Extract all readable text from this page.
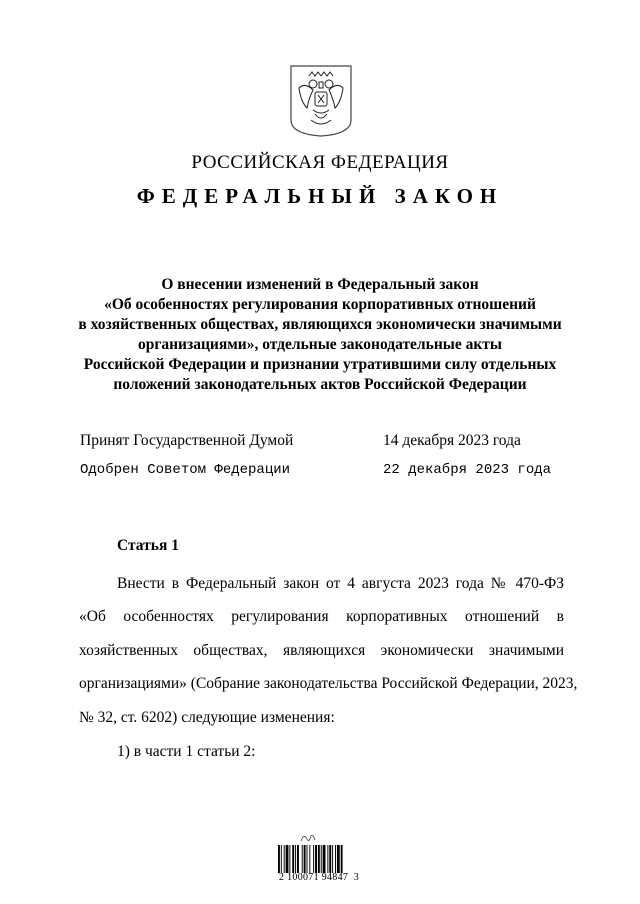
РОССИЙСКАЯ ФЕДЕРАЦИЯ
ФЕДЕРАЛЬНЫЙ ЗАКОН
О внесении изменений в Федеральный закон
«Об особенностях регулирования корпоративных отношений
в хозяйственных обществах, являющихся экономически значимыми
организациями», отдельные законодательные акты
Российской Федерации и признании утратившими силу отдельных
положений законодательных актов Российской Федерации
Принят Государственной Думой	14 декабря 2023 года
Одобрен Советом Федерации	22 декабря 2023 года
Статья 1
Внести в Федеральный закон от 4 августа 2023 года № 470-ФЗ
«Об особенностях регулирования корпоративных отношений в
хозяйственных обществах, являющихся экономически значимыми
организациями» (Собрание законодательства Российской Федерации, 2023,
№ 32, ст. 6202) следующие изменения:
1) в части 1 статьи 2:
2 100071 94847  3
